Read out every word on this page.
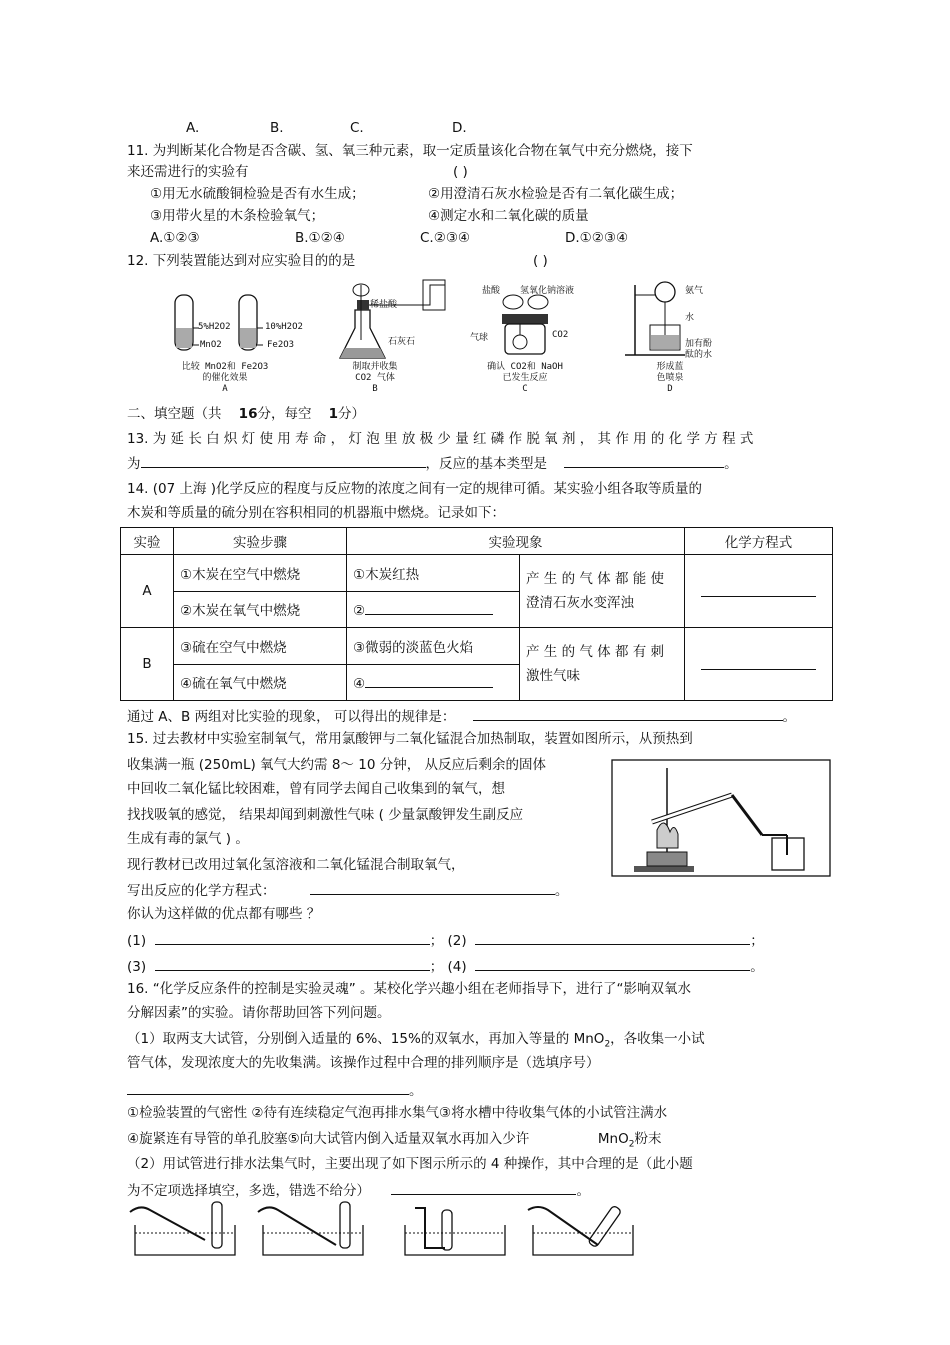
A.	B.	C.	D.
11. 为判断某化合物是否含碳、氢、氧三种元素，取一定质量该化合物在氧气中充分燃烧，接下
来还需进行的实验有	( )
①用无水硫酸铜检验是否有水生成；	②用澄清石灰水检验是否有二氧化碳生成；
③用带火星的木条检验氧气；	④测定水和二氧化碳的质量
A.①②③	B.①②④	C.②③④	D.①②③④
12. 下列装置能达到对应实验目的的是	( )
5%H2O2
MnO2
10%H2O2
Fe2O3
比较 MnO2和 Fe2O3
的催化效果
A
稀盐酸
石灰石
制取并收集
CO2 气体
B
盐酸 氢氧化钠溶液
气球	CO2
确认 CO2和 NaOH
已发生反应
C
氨气
水
加有酚
酞的水
形成蓝
色喷泉
D
二、填空题（共 16分，每空 1分）
13. 为 延 长 白 炽 灯 使 用 寿 命 ， 灯 泡 里 放 极 少 量 红 磷 作 脱 氧 剂 ， 其 作 用 的 化 学 方 程 式
为	，反应的基本类型是	。
14. (07 上海 )化学反应的程度与反应物的浓度之间有一定的规律可循。某实验小组各取等质量的
木炭和等质量的硫分别在容积相同的机器瓶中燃烧。记录如下：
实验	实验步骤	实验现象		化学方程式
A	①木炭在空气中燃烧	①木炭红热	产 生 的 气 体 都 能 使
澄清石灰水变浑浊	

	②木炭在氧气中燃烧	②		
B	③硫在空气中燃烧	③微弱的淡蓝色火焰	产 生 的 气 体 都 有 刺
激性气味	

	④硫在氧气中燃烧	④		
通过 A、B 两组对比实验的现象， 可以得出的规律是：	。
15. 过去教材中实验室制氧气，常用氯酸钾与二氧化锰混合加热制取，装置如图所示，从预热到
收集满一瓶 (250mL) 氧气大约需 8～ 10 分钟， 从反应后剩余的固体
中回收二氧化锰比较困难，曾有同学去闻自己收集到的氧气，想
找找吸氧的感觉， 结果却闻到刺激性气味 ( 少量氯酸钾发生副反应
生成有毒的氯气 ) 。
现行教材已改用过氧化氢溶液和二氧化锰混合制取氧气，
写出反应的化学方程式：	。
你认为这样做的优点都有哪些 ？
(1)	； (2)	；
(3)	； (4)	。
16. “化学反应条件的控制是实验灵魂” 。某校化学兴趣小组在老师指导下，进行了“影响双氧水
分解因素”的实验。请你帮助回答下列问题。
（1）取两支大试管，分别倒入适量的 6%、15%的双氧水，再加入等量的 MnO$_2$，各收集一小试
管气体，发现浓度大的先收集满。该操作过程中合理的排列顺序是（选填序号）
。
①检验装置的气密性 ②待有连续稳定气泡再排水集气③将水槽中待收集气体的小试管注满水
④旋紧连有导管的单孔胶塞⑤向大试管内倒入适量双氧水再加入少许	MnO$_2$粉末
（2）用试管进行排水法集气时，主要出现了如下图示所示的 4 种操作，其中合理的是（此小题
为不定项选择填空，多选，错选不给分）	。
